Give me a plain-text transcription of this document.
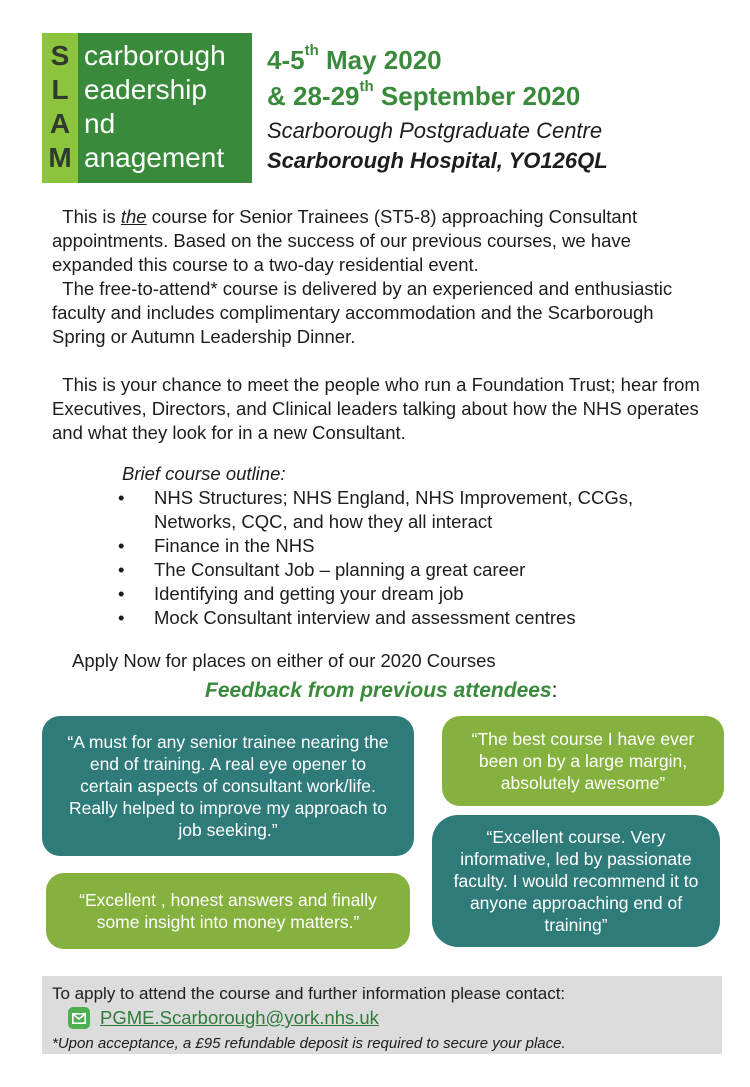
S
L
A
M
carborough
eadership
nd
anagement
4-5th May 2020
& 28-29th September 2020
Scarborough Postgraduate Centre
Scarborough Hospital, YO126QL

This is the course for Senior Trainees (ST5-8) approaching Consultant appointments. Based on the success of our previous courses, we have expanded this course to a two-day residential event.

The free-to-attend* course is delivered by an experienced and enthusiastic faculty and includes complimentary accommodation and the Scarborough Spring or Autumn Leadership Dinner.

This is your chance to meet the people who run a Foundation Trust; hear from Executives, Directors, and Clinical leaders talking about how the NHS operates and what they look for in a new Consultant.

Brief course outline:
• NHS Structures; NHS England, NHS Improvement, CCGs, Networks, CQC, and how they all interact
• Finance in the NHS
• The Consultant Job – planning a great career
• Identifying and getting your dream job
• Mock Consultant interview and assessment centres
Apply Now for places on either of our 2020 Courses
Feedback from previous attendees:
“A must for any senior trainee nearing the end of training. A real eye opener to certain aspects of consultant work/life. Really helped to improve my approach to job seeking.”
“The best course I have ever been on by a large margin, absolutely awesome”
“Excellent course. Very informative, led by passionate faculty. I would recommend it to anyone approaching end of training”
“Excellent , honest answers and finally some insight into money matters.”
To apply to attend the course and further information please contact:
PGME.Scarborough@york.nhs.uk
*Upon acceptance, a £95 refundable deposit is required to secure your place.
